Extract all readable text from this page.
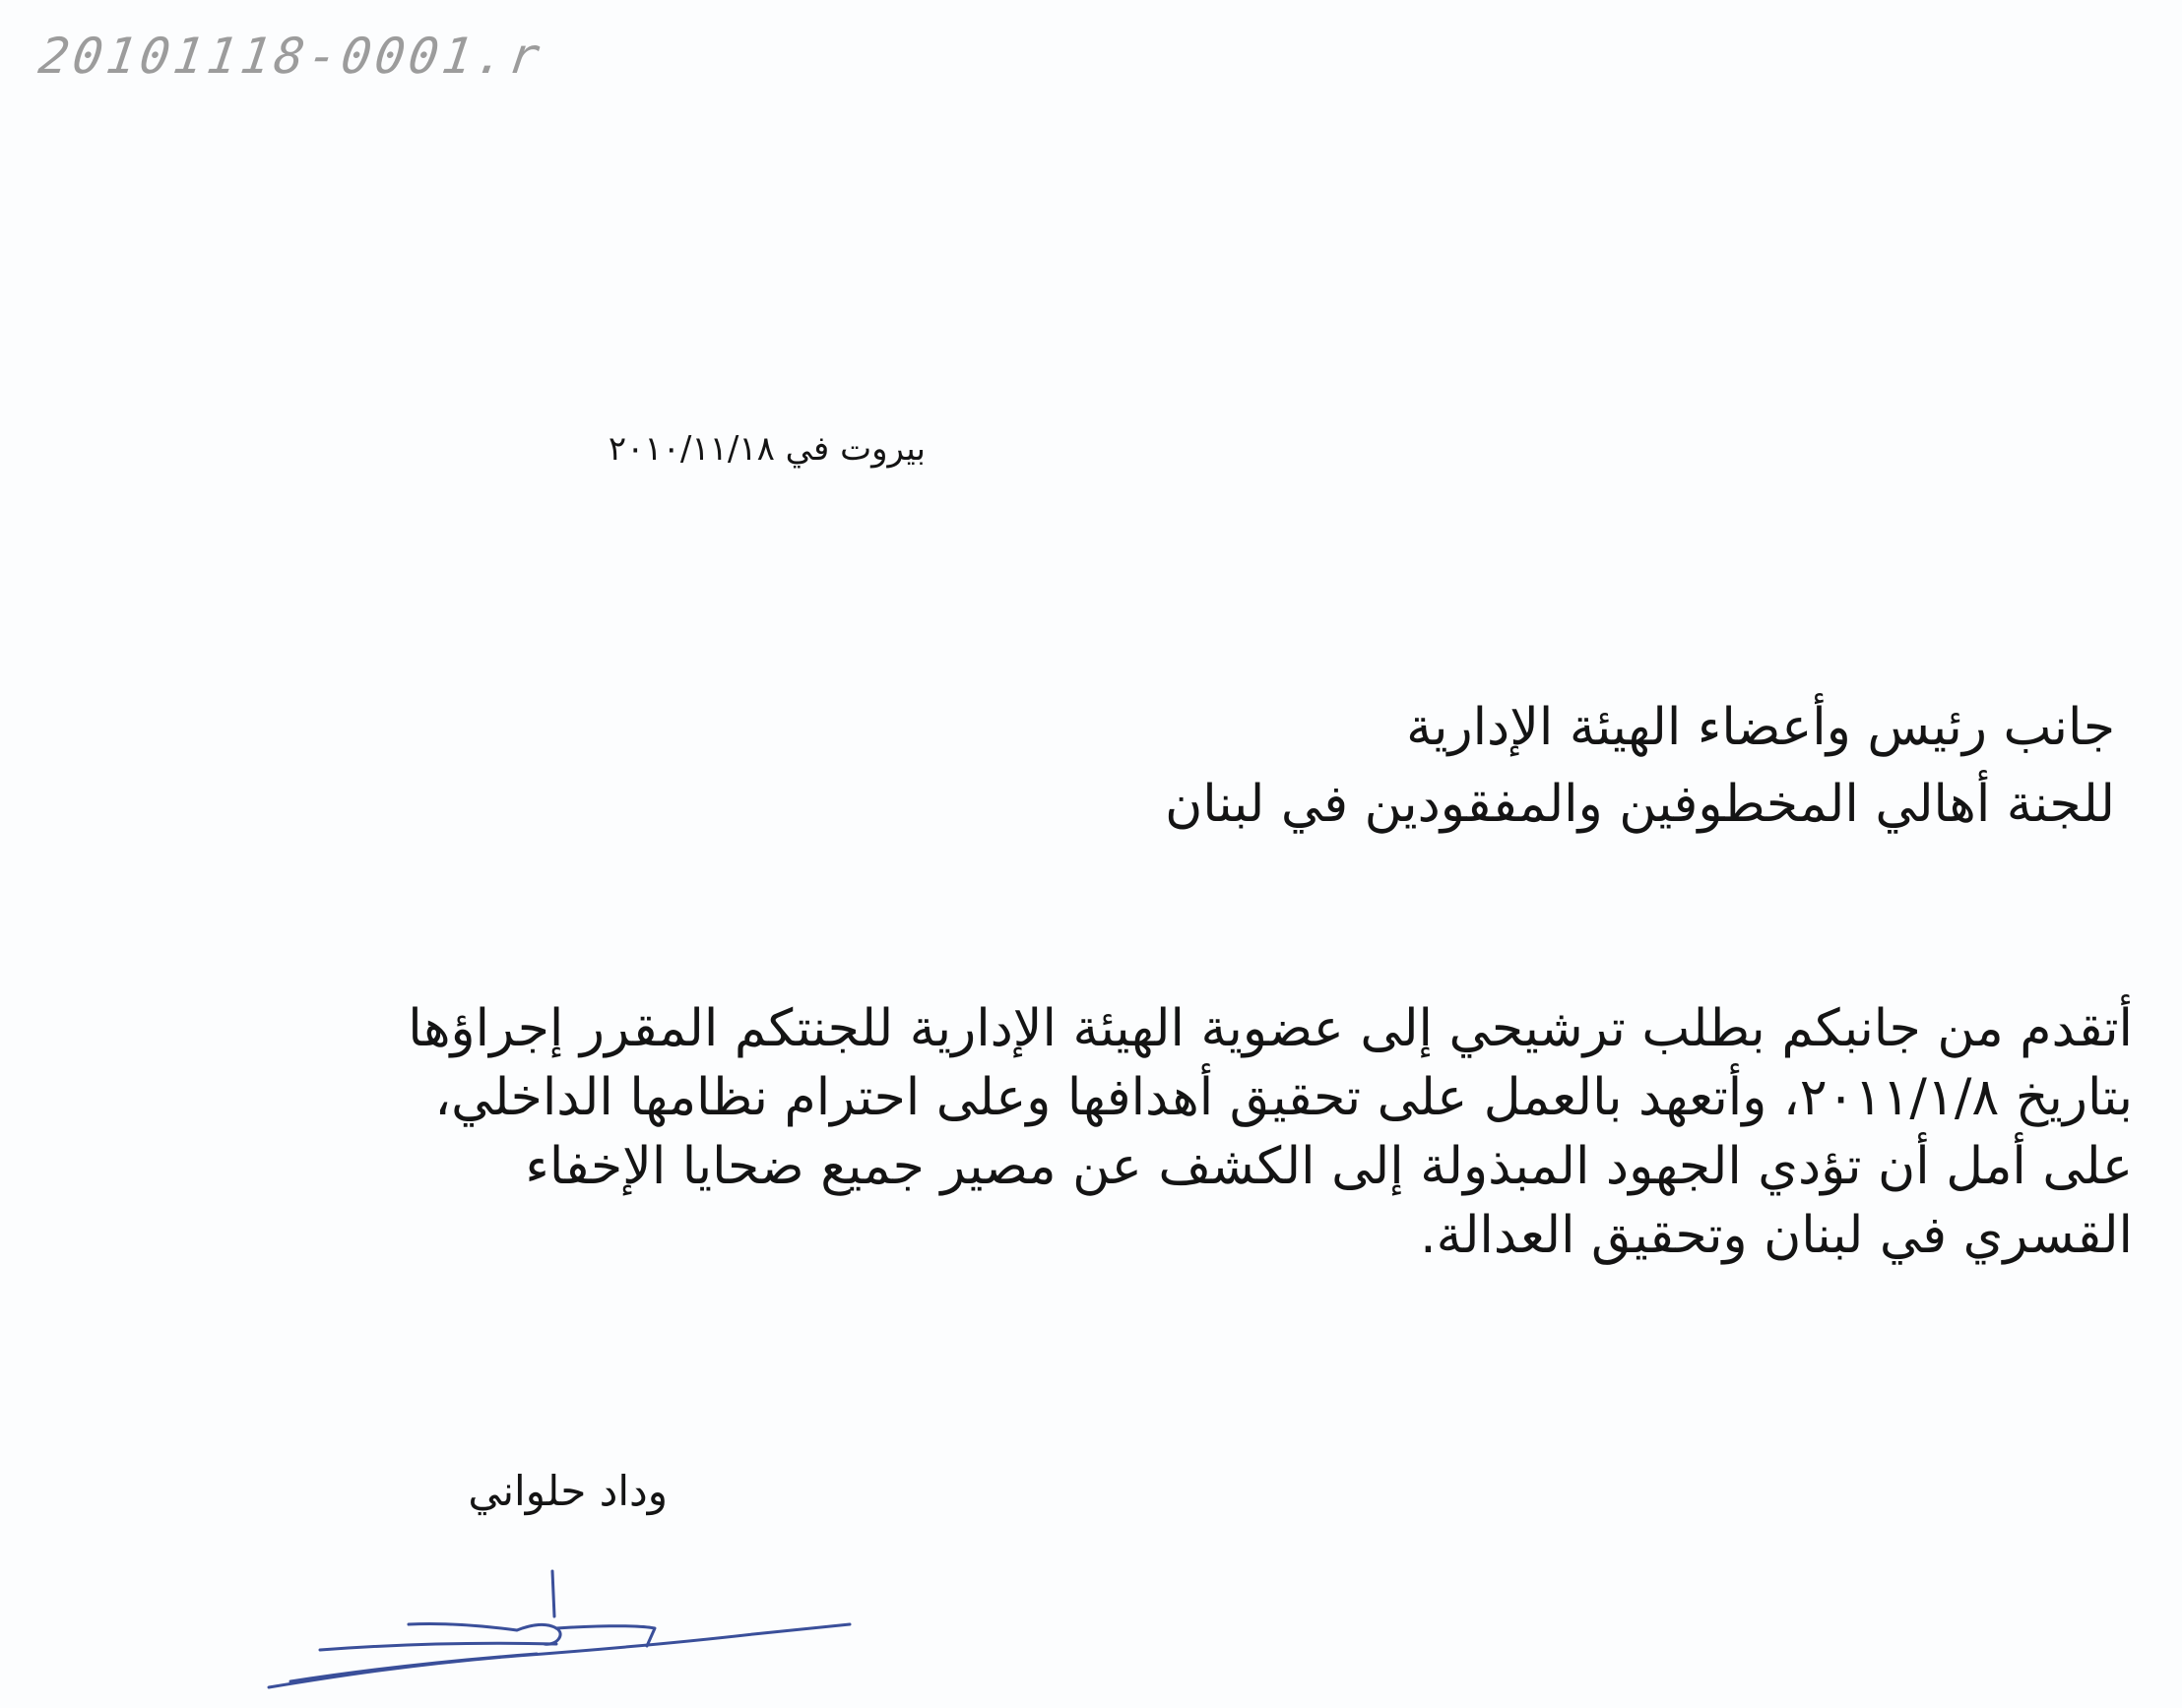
20101118-0001.r
بيروت في ٢٠١٠/١١/١٨
جانب رئيس وأعضاء الهيئة الإدارية
للجنة أهالي المخطوفين والمفقودين في لبنان
أتقدم من جانبكم بطلب ترشيحي إلى عضوية الهيئة الإدارية للجنتكم المقرر إجراؤها
بتاريخ ٢٠١١/١/٨، وأتعهد بالعمل على تحقيق أهدافها وعلى احترام نظامها الداخلي،
على أمل أن تؤدي الجهود المبذولة إلى الكشف عن مصير جميع ضحايا الإخفاء
القسري في لبنان وتحقيق العدالة.
وداد حلواني
